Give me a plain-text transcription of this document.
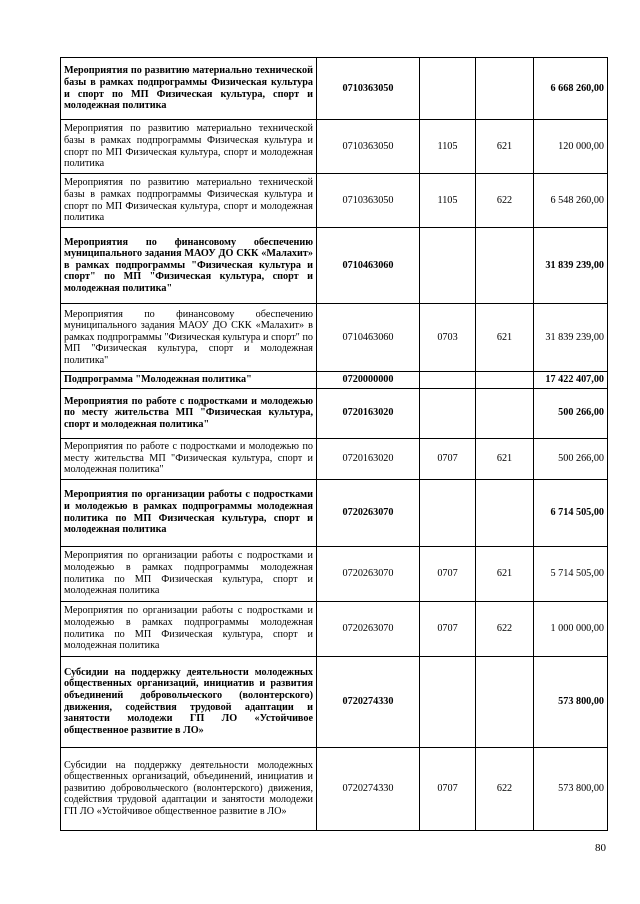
Мероприятия по развитию материально технической базы в рамках подпрограммы Физическая культура и спорт по МП Физическая культура, спорт и молодежная политика	0710363050			6 668 260,00
Мероприятия по развитию материально технической базы в рамках подпрограммы Физическая культура и спорт по МП Физическая культура, спорт и молодежная политика	0710363050	1105	621	120 000,00
Мероприятия по развитию материально технической базы в рамках подпрограммы Физическая культура и спорт по МП Физическая культура, спорт и молодежная политика	0710363050	1105	622	6 548 260,00
Мероприятия по финансовому обеспечению муниципального задания МАОУ ДО СКК «Малахит» в рамках подпрограммы "Физическая культура и спорт" по МП "Физическая культура, спорт и молодежная политика"	0710463060			31 839 239,00
Мероприятия по финансовому обеспечению муниципального задания МАОУ ДО СКК «Малахит» в рамках подпрограммы "Физическая культура и спорт" по МП "Физическая культура, спорт и молодежная политика"	0710463060	0703	621	31 839 239,00
Подпрограмма "Молодежная политика"	0720000000			17 422 407,00
Мероприятия по работе с подростками и молодежью по месту жительства МП "Физическая культура, спорт и молодежная политика"	0720163020			500 266,00
Мероприятия по работе с подростками и молодежью по месту жительства МП "Физическая культура, спорт и молодежная политика"	0720163020	0707	621	500 266,00
Мероприятия по организации работы с подростками и молодежью в рамках подпрограммы молодежная политика по МП Физическая культура, спорт и молодежная политика	0720263070			6 714 505,00
Мероприятия по организации работы с подростками и молодежью в рамках подпрограммы молодежная политика по МП Физическая культура, спорт и молодежная политика	0720263070	0707	621	5 714 505,00
Мероприятия по организации работы с подростками и молодежью в рамках подпрограммы молодежная политика по МП Физическая культура, спорт и молодежная политика	0720263070	0707	622	1 000 000,00
Субсидии на поддержку деятельности молодежных общественных организаций, инициатив и развития объединений добровольческого (волонтерского) движения, содействия трудовой адаптации и занятости молодежи ГП ЛО «Устойчивое общественное развитие в ЛО»	0720274330			573 800,00
Субсидии на поддержку деятельности молодежных общественных организаций, объединений, инициатив и развитию добровольческого (волонтерского) движения, содействия трудовой адаптации и занятости молодежи ГП ЛО «Устойчивое общественное развитие в ЛО»	0720274330	0707	622	573 800,00
80
